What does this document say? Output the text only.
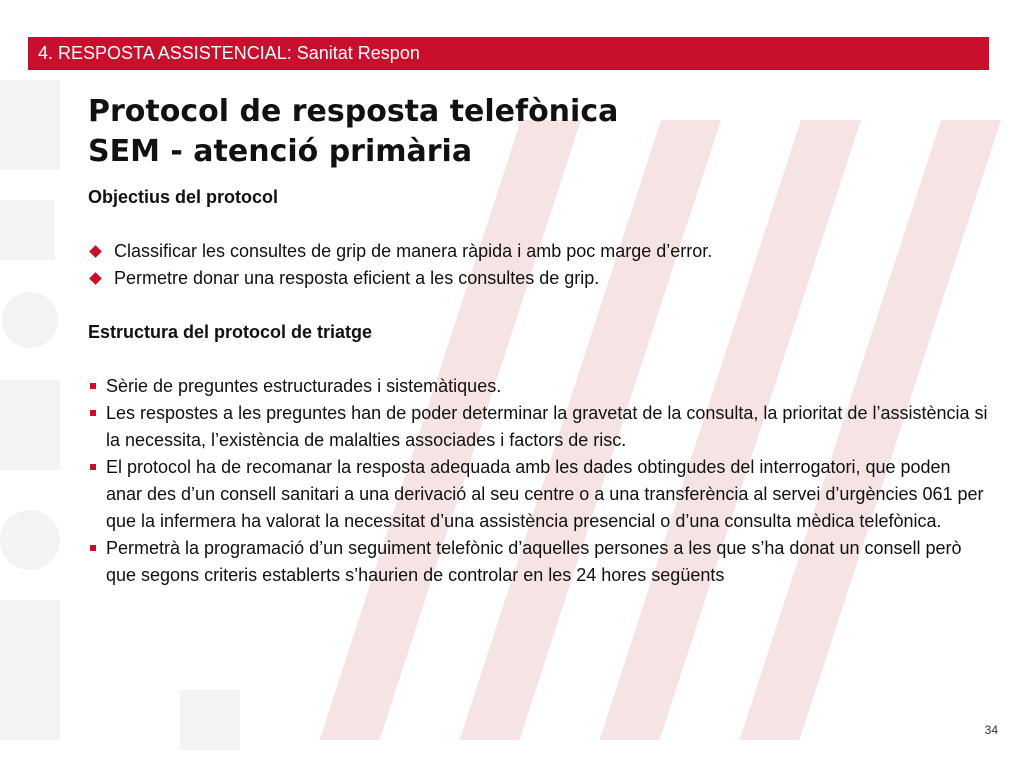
4. RESPOSTA ASSISTENCIAL: Sanitat Respon
Protocol de resposta telefònica
SEM - atenció primària

Objectius del protocol

Classificar les consultes de grip de manera ràpida i amb poc marge d’error.
Permetre donar una resposta eficient a les consultes de grip.

Estructura del protocol de triatge

Sèrie de preguntes estructurades i sistemàtiques.
Les respostes a les preguntes han de poder determinar la gravetat de la consulta, la prioritat de l’assistència si la necessita, l’existència de malalties associades i factors de risc.
El protocol ha de recomanar la resposta adequada amb les dades obtingudes del interrogatori, que poden anar des d’un consell sanitari a una derivació al seu centre o a una transferència al servei d’urgències 061 per que la infermera ha valorat la necessitat d’una assistència presencial o d’una consulta mèdica telefònica.
Permetrà la programació d’un seguiment telefònic d’aquelles persones a les que s’ha donat un consell però que segons criteris establerts s’haurien de controlar en les 24 hores següents
34
